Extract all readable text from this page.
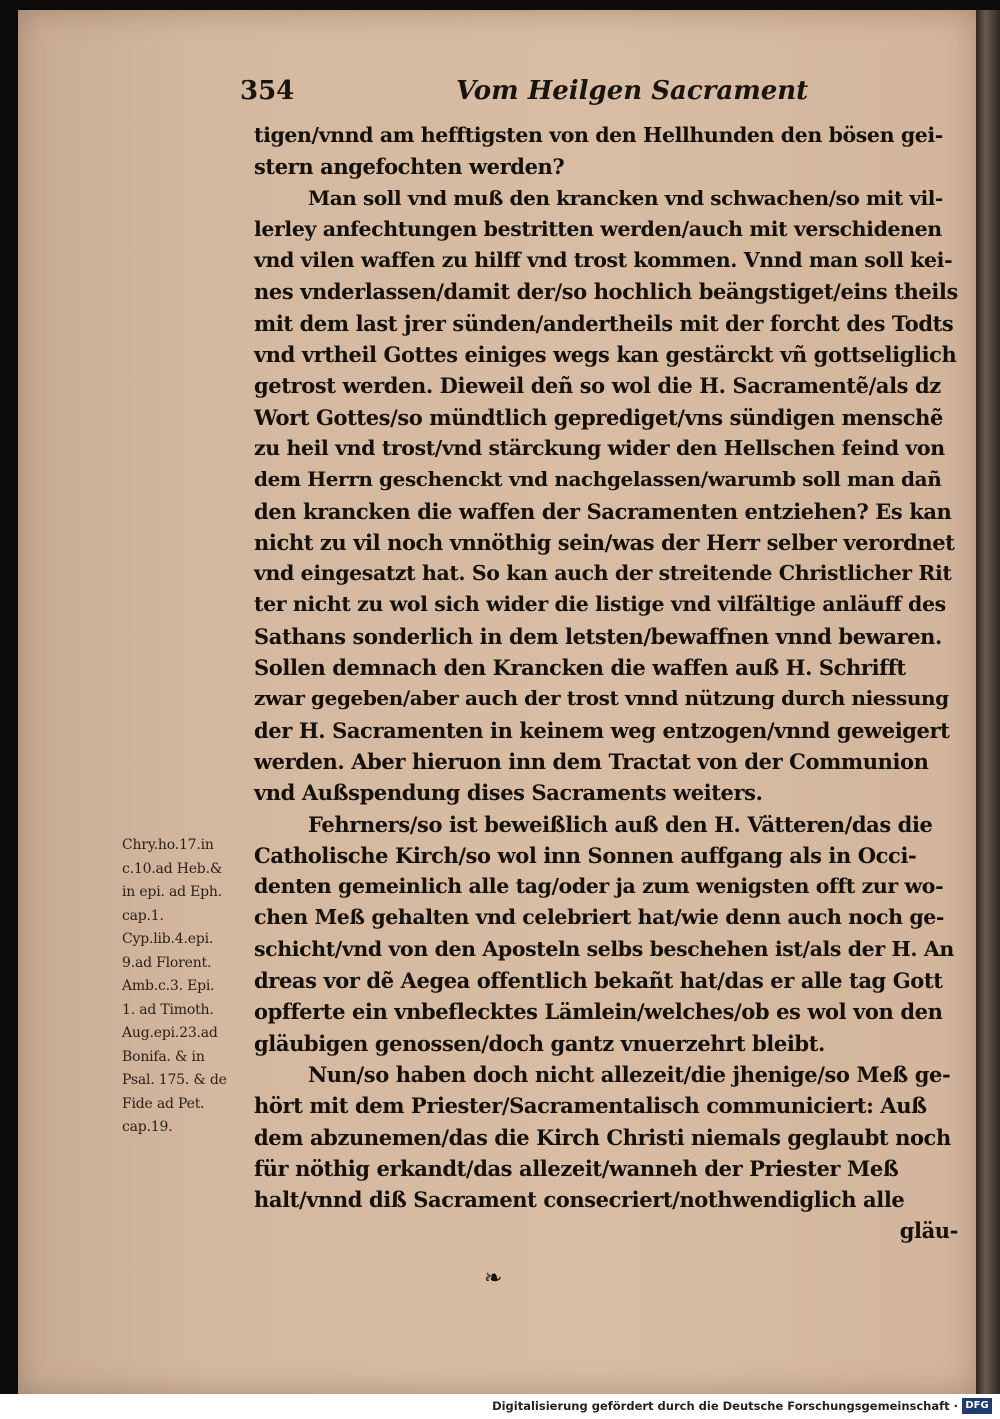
354	Vom Heilgen Sacrament
tigen/vnnd am hefftigsten von den Hellhunden den bösen gei-
stern angefochten werden?
Man soll vnd muß den krancken vnd schwachen/so mit vil-
lerley anfechtungen bestritten werden/auch mit verschidenen
vnd vilen waffen zu hilff vnd trost kommen. Vnnd man soll kei-
nes vnderlassen/damit der/so hochlich beängstiget/eins theils
mit dem last jrer sünden/andertheils mit der forcht des Todts
vnd vrtheil Gottes einiges wegs kan gestärckt vñ gottseliglich
getrost werden. Dieweil deñ so wol die H. Sacramentẽ/als dz
Wort Gottes/so mündtlich geprediget/vns sündigen menschẽ
zu heil vnd trost/vnd stärckung wider den Hellschen feind von
dem Herrn geschenckt vnd nachgelassen/warumb soll man dañ
den krancken die waffen der Sacramenten entziehen? Es kan
nicht zu vil noch vnnöthig sein/was der Herr selber verordnet
vnd eingesatzt hat. So kan auch der streitende Christlicher Rit
ter nicht zu wol sich wider die listige vnd vilfältige anläuff des
Sathans sonderlich in dem letsten/bewaffnen vnnd bewaren.
Sollen demnach den Krancken die waffen auß H. Schrifft
zwar gegeben/aber auch der trost vnnd nützung durch niessung
der H. Sacramenten in keinem weg entzogen/vnnd geweigert
werden. Aber hieruon inn dem Tractat von der Communion
vnd Außspendung dises Sacraments weiters.
Fehrners/so ist beweißlich auß den H. Vätteren/das die
Catholische Kirch/so wol inn Sonnen auffgang als in Occi-
denten gemeinlich alle tag/oder ja zum wenigsten offt zur wo-
chen Meß gehalten vnd celebriert hat/wie denn auch noch ge-
schicht/vnd von den Aposteln selbs beschehen ist/als der H. An
dreas vor dẽ Aegea offentlich bekañt hat/das er alle tag Gott
opfferte ein vnbeflecktes Lämlein/welches/ob es wol von den
gläubigen genossen/doch gantz vnuerzehrt bleibt.
Nun/so haben doch nicht allezeit/die jhenige/so Meß ge-
hört mit dem Priester/Sacramentalisch communiciert: Auß
dem abzunemen/das die Kirch Christi niemals geglaubt noch
für nöthig erkandt/das allezeit/wanneh der Priester Meß
halt/vnnd diß Sacrament consecriert/nothwendiglich alle
gläu-
Chry.ho.17.in
c.10.ad Heb.&
in epi. ad Eph.
cap.1.
Cyp.lib.4.epi.
9.ad Florent.
Amb.c.3. Epi.
1. ad Timoth.
Aug.epi.23.ad
Bonifa. & in
Psal. 175. & de
Fide ad Pet.
cap.19.
❧
Digitalisierung gefördert durch die Deutsche Forschungsgemeinschaft · DFG
